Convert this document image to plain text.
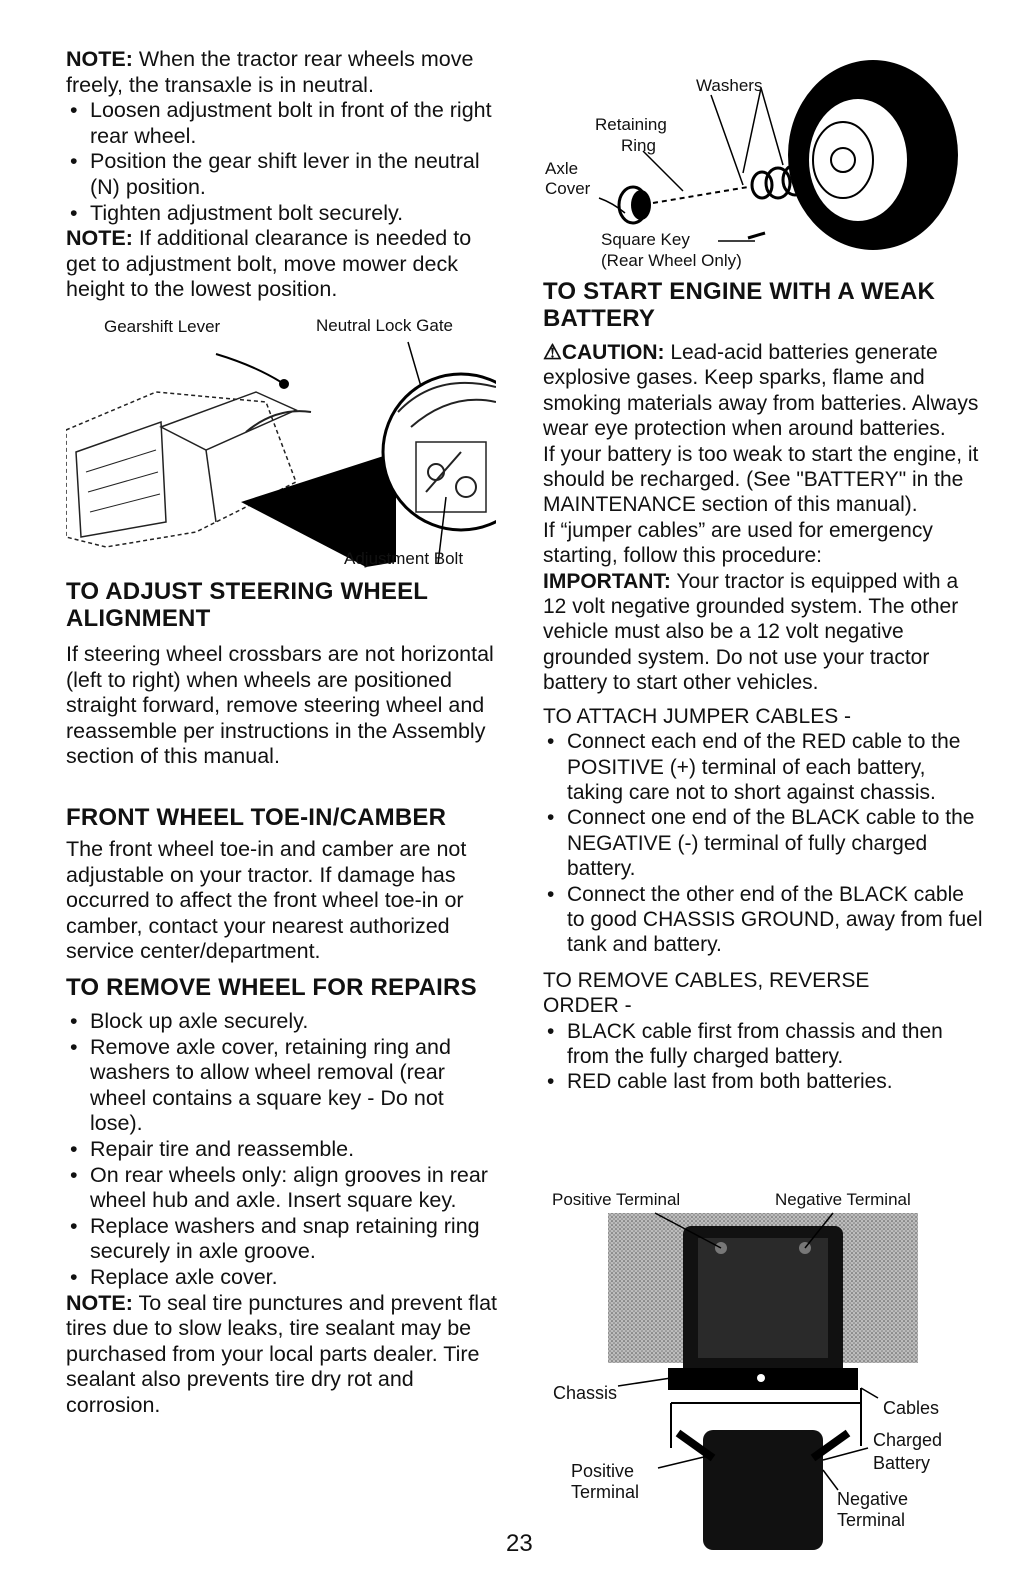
NOTE: When the tractor rear wheels move freely, the transaxle is in neutral.

• Loosen adjustment bolt in front of the right rear wheel.
• Position the gear shift lever in the neutral (N) position.
• Tighten adjustment bolt securely.

NOTE: If additional clearance is needed to get to adjustment bolt, move mower deck height to the lowest position.

Gearshift Lever	Neutral Lock Gate
Adjustment Bolt
TO ADJUST STEERING WHEEL ALIGNMENT

If steering wheel crossbars are not horizontal (left to right) when wheels are positioned straight forward, remove steering wheel and reassemble per instructions in the Assembly section of this manual.

FRONT WHEEL TOE-IN/CAMBER

The front wheel toe-in and camber are not adjustable on your tractor. If damage has occurred to affect the front wheel toe-in or camber, contact your nearest authorized service center/department.

TO REMOVE WHEEL FOR REPAIRS
• Block up axle securely.
• Remove axle cover, retaining ring and washers to allow wheel removal (rear wheel contains a square key - Do not lose).
• Repair tire and reassemble.
• On rear wheels only: align grooves in rear wheel hub and axle. Insert square key.
• Replace washers and snap retaining ring securely in axle groove.
• Replace axle cover.

NOTE: To seal tire punctures and prevent flat tires due to slow leaks, tire sealant may be purchased from your local parts dealer. Tire sealant also prevents tire dry rot and corrosion.

Washers
Retaining
Ring
Axle
Cover
Square Key
(Rear Wheel Only)
TO START ENGINE WITH A WEAK BATTERY

⚠CAUTION: Lead-acid batteries generate explosive gases. Keep sparks, flame and smoking materials away from batteries. Always wear eye protection when around batteries.

If your battery is too weak to start the engine, it should be recharged. (See "BATTERY" in the MAINTENANCE section of this manual).

If “jumper cables” are used for emergency starting, follow this procedure:

IMPORTANT: Your tractor is equipped with a 12 volt negative grounded system. The other vehicle must also be a 12 volt negative grounded system. Do not use your tractor battery to start other vehicles.

TO ATTACH JUMPER CABLES -

• Connect each end of the RED cable to the POSITIVE (+) terminal of each battery, taking care not to short against chassis.
• Connect one end of the BLACK cable to the NEGATIVE (-) terminal of fully charged battery.
• Connect the other end of the BLACK cable to good CHASSIS GROUND, away from fuel tank and battery.

TO REMOVE CABLES, REVERSE ORDER -

• BLACK cable first from chassis and then from the fully charged battery.
• RED cable last from both batteries.
Positive Terminal	Negative Terminal
Chassis
Cables
Charged
Battery
Positive
Terminal	Negative
Terminal
23
